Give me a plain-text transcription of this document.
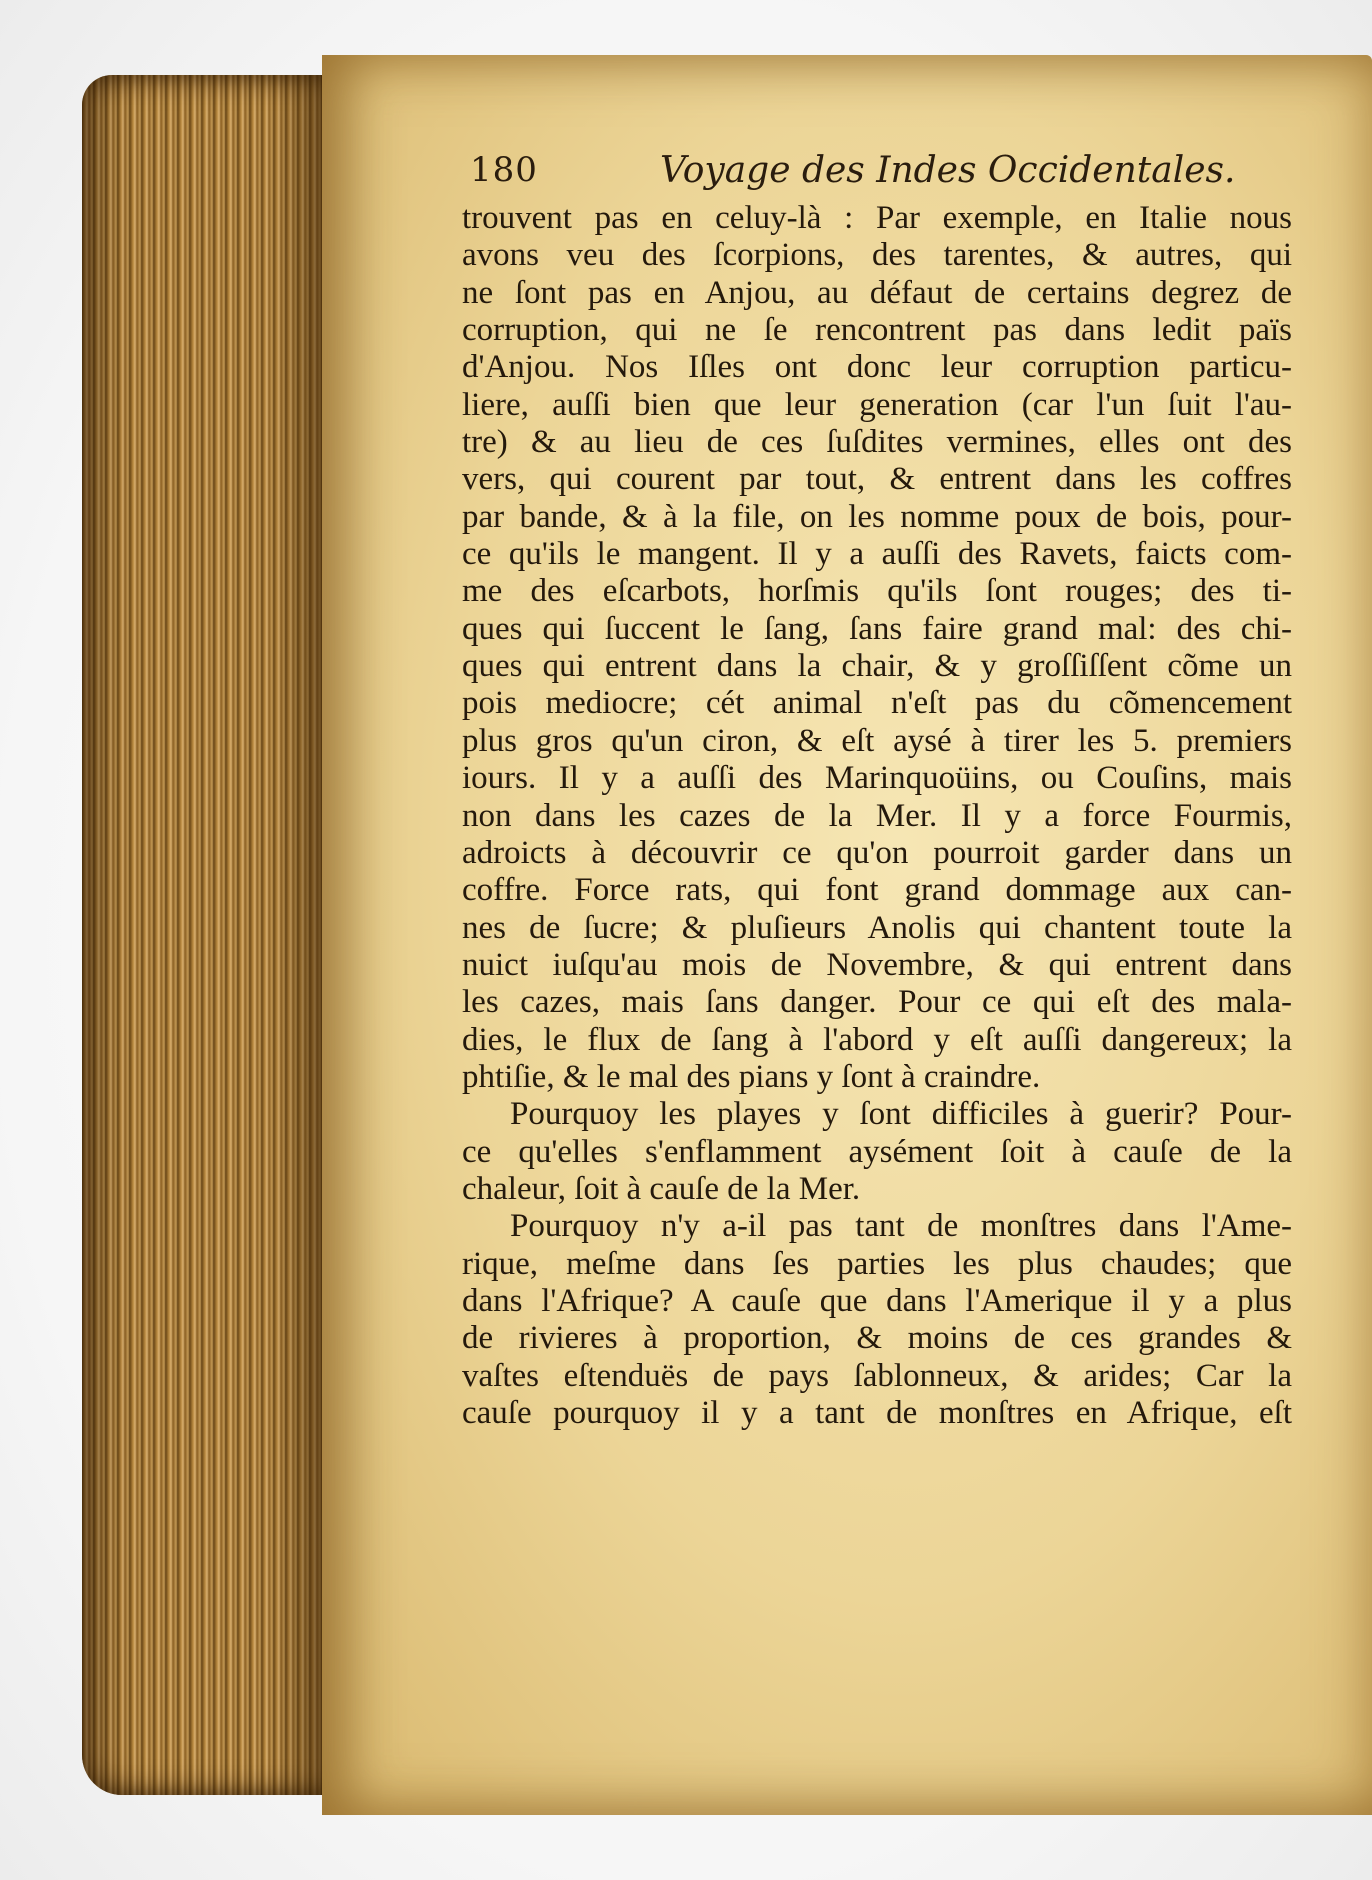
180	Voyage des Indes Occidentales.
trouvent pas en celuy-là : Par exemple, en Italie nous
avons veu des ſcorpions, des tarentes, & autres, qui
ne ſont pas en Anjou, au défaut de certains degrez de
corruption, qui ne ſe rencontrent pas dans ledit païs
d'Anjou. Nos Iſles ont donc leur corruption particu-
liere, auſſi bien que leur generation (car l'un ſuit l'au-
tre) & au lieu de ces ſuſdites vermines, elles ont des
vers, qui courent par tout, & entrent dans les coffres
par bande, & à la file, on les nomme poux de bois, pour-
ce qu'ils le mangent. Il y a auſſi des Ravets, faicts com-
me des eſcarbots, horſmis qu'ils ſont rouges; des ti-
ques qui ſuccent le ſang, ſans faire grand mal: des chi-
ques qui entrent dans la chair, & y groſſiſſent cõme un
pois mediocre; cét animal n'eſt pas du cõmencement
plus gros qu'un ciron, & eſt aysé à tirer les 5. premiers
iours. Il y a auſſi des Marinquoüins, ou Couſins, mais
non dans les cazes de la Mer. Il y a force Fourmis,
adroicts à découvrir ce qu'on pourroit garder dans un
coffre. Force rats, qui font grand dommage aux can-
nes de ſucre; & pluſieurs Anolis qui chantent toute la
nuict iuſqu'au mois de Novembre, & qui entrent dans
les cazes, mais ſans danger. Pour ce qui eſt des mala-
dies, le flux de ſang à l'abord y eſt auſſi dangereux; la
phtiſie, & le mal des pians y ſont à craindre.
Pourquoy les playes y ſont difficiles à guerir? Pour-
ce qu'elles s'enflamment aysément ſoit à cauſe de la
chaleur, ſoit à cauſe de la Mer.
Pourquoy n'y a-il pas tant de monſtres dans l'Ame-
rique, meſme dans ſes parties les plus chaudes; que
dans l'Afrique? A cauſe que dans l'Amerique il y a plus
de rivieres à proportion, & moins de ces grandes &
vaſtes eſtenduës de pays ſablonneux, & arides; Car la
cauſe pourquoy il y a tant de monſtres en Afrique, eſt
